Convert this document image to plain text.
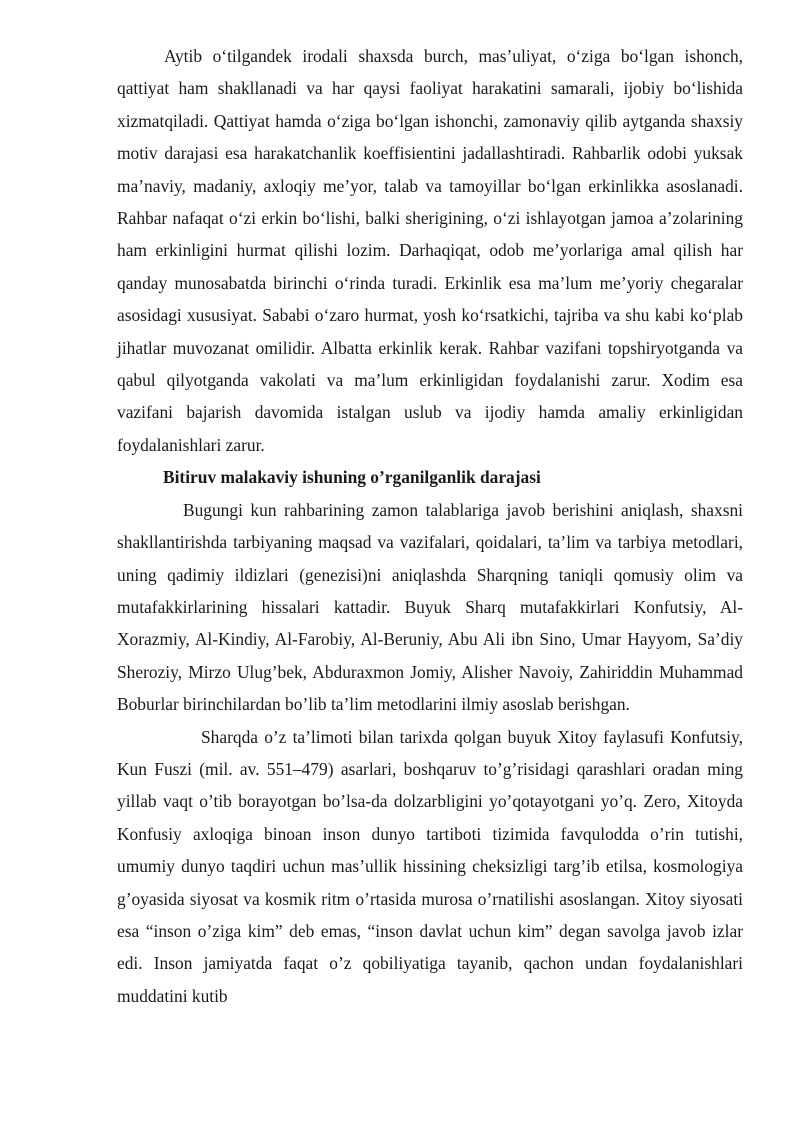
Aytib o‘tilgandek irodali shaxsda burch, mas’uliyat, o‘ziga bo‘lgan ishonch, qattiyat ham shakllanadi va har qaysi faoliyat harakatini samarali, ijobiy bo‘lishida xizmatqiladi. Qattiyat hamda o‘ziga bo‘lgan ishonchi, zamonaviy qilib aytganda shaxsiy motiv darajasi esa harakatchanlik koeffisientini jadallashtiradi. Rahbarlik odobi yuksak ma’naviy, madaniy, axloqiy me’yor, talab va tamoyillar bo‘lgan erkinlikka asoslanadi. Rahbar nafaqat o‘zi erkin bo‘lishi, balki sherigining, o‘zi ishlayotgan jamoa a’zolarining ham erkinligini hurmat qilishi lozim. Darhaqiqat, odob me’yorlariga amal qilish har qanday munosabatda birinchi o‘rinda turadi. Erkinlik esa ma’lum me’yoriy chegaralar asosidagi xususiyat. Sababi o‘zaro hurmat, yosh ko‘rsatkichi, tajriba va shu kabi ko‘plab jihatlar muvozanat omilidir. Albatta erkinlik kerak. Rahbar vazifani topshiryotganda va qabul qilyotganda vakolati va ma’lum erkinligidan foydalanishi zarur. Xodim esa vazifani bajarish davomida istalgan uslub va ijodiy hamda amaliy erkinligidan foydalanishlari zarur.

Bitiruv malakaviy ishuning o’rganilganlik darajasi

Bugungi kun rahbarining zamon talablariga javob berishini aniqlash, shaxsni shakllantirishda tarbiyaning maqsad va vazifalari, qoidalari, ta’lim va tarbiya metodlari, uning qadimiy ildizlari (genezisi)ni aniqlashda Sharqning taniqli qomusiy olim va mutafakkirlarining hissalari kattadir. Buyuk Sharq mutafakkirlari Konfutsiy, Al-Xorazmiy, Al-Kindiy, Al-Farobiy, Al-Beruniy, Abu Ali ibn Sino, Umar Hayyom, Sa’diy Sheroziy, Mirzo Ulug’bek, Abduraxmon Jomiy, Alisher Navoiy, Zahiriddin Muhammad Boburlar birinchilardan bo’lib ta’lim metodlarini ilmiy asoslab berishgan.

Sharqda o’z ta’limoti bilan tarixda qolgan buyuk Xitoy faylasufi Konfutsiy, Kun Fuszi (mil. av. 551–479) asarlari, boshqaruv to’g’risidagi qarashlari oradan ming yillab vaqt o’tib borayotgan bo’lsa-da dolzarbligini yo’qotayotgani yo’q. Zero, Xitoyda Konfusiy axloqiga binoan inson dunyo tartiboti tizimida favqulodda o’rin tutishi, umumiy dunyo taqdiri uchun mas’ullik hissining cheksizligi targ’ib etilsa, kosmologiya g’oyasida siyosat va kosmik ritm o’rtasida murosa o’rnatilishi asoslangan. Xitoy siyosati esa “inson o’ziga kim” deb emas, “inson davlat uchun kim” degan savolga javob izlar edi. Inson jamiyatda faqat o’z qobiliyatiga tayanib, qachon undan foydalanishlari muddatini kutib
